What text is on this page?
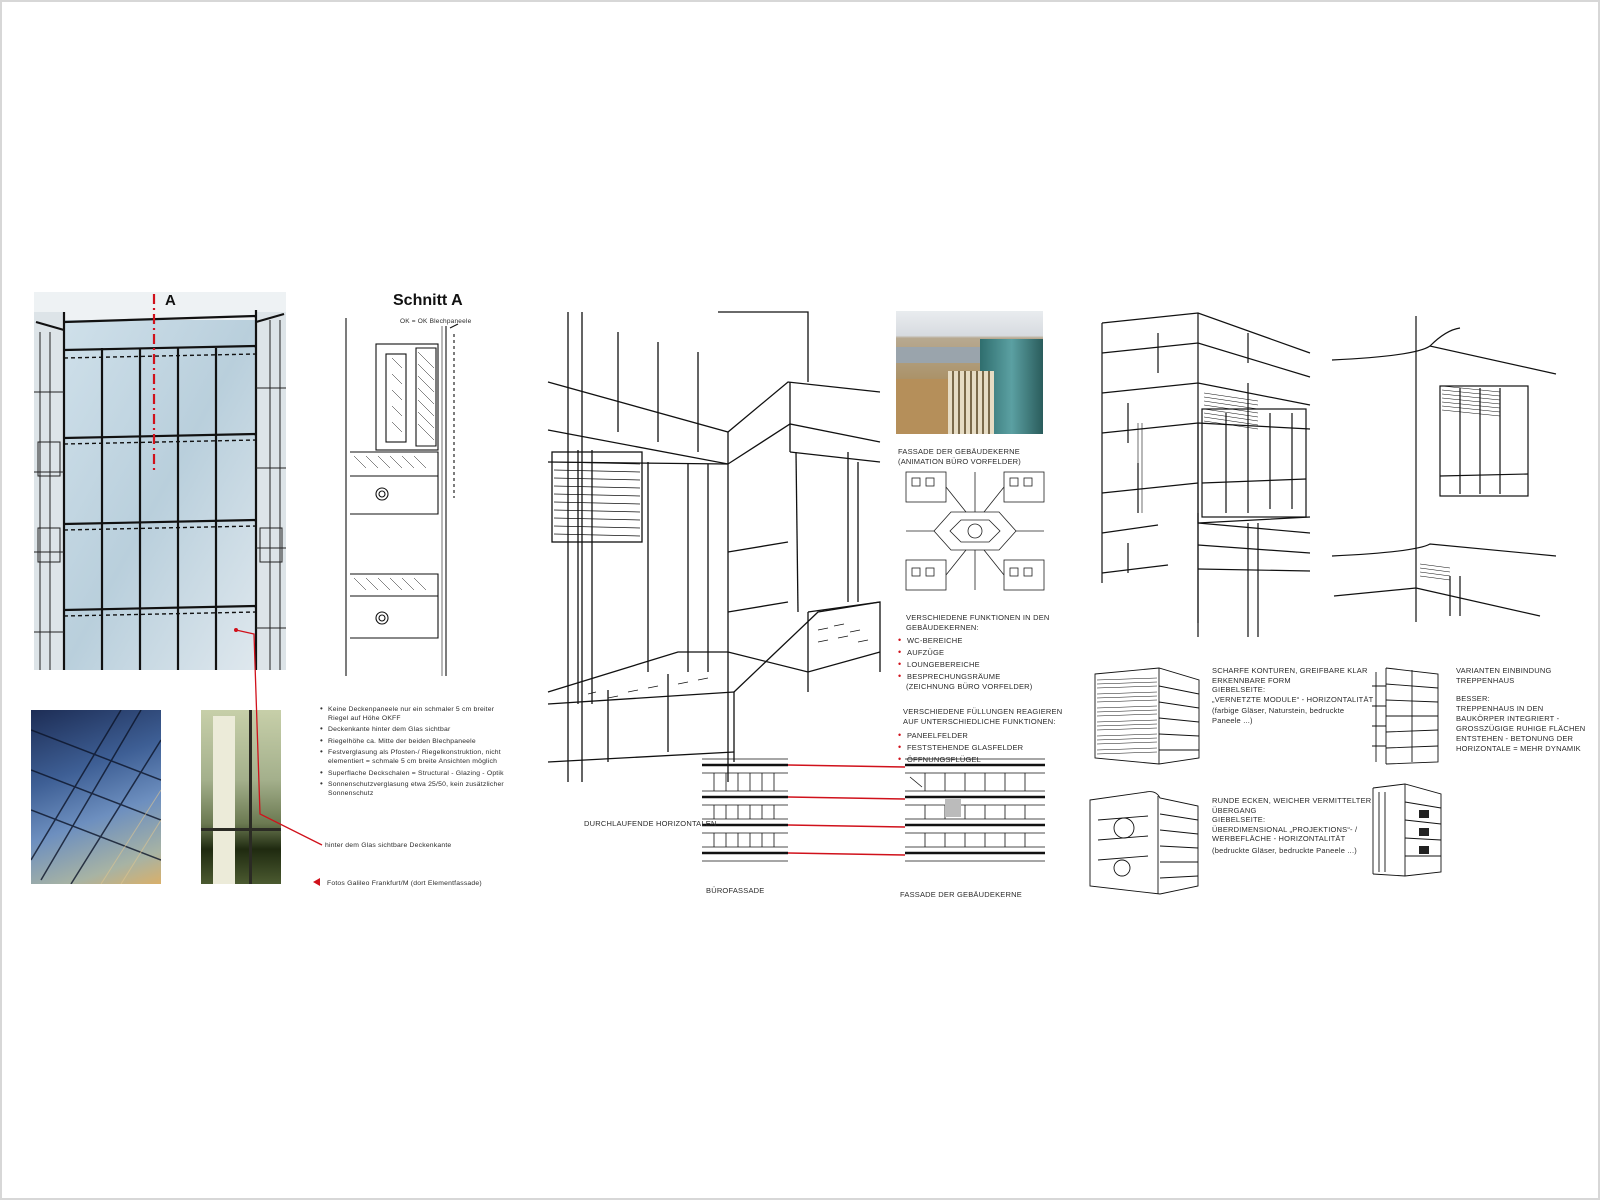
A	Schnitt A
OK = OK Blechpaneele
• Keine Deckenpaneele nur ein schmaler 5 cm breiter Riegel auf Höhe OKFF
• Deckenkante hinter dem Glas sichtbar
• Riegelhöhe ca. Mitte der beiden Blechpaneele
• Festverglasung als Pfosten-/ Riegelkonstruktion, nicht elementiert = schmale 5 cm breite Ansichten möglich
• Superflache Deckschalen = Structural - Glazing - Optik
• Sonnenschutzverglasung etwa 25/50, kein zusätzlicher Sonnenschutz
hinter dem Glas sichtbare Deckenkante
Fotos Galileo Frankfurt/M (dort Elementfassade)
FASSADE DER GEBÄUDEKERNE
(ANIMATION BÜRO VORFELDER)
VERSCHIEDENE FUNKTIONEN IN DEN
GEBÄUDEKERNEN:
• WC-BEREICHE
• AUFZÜGE
• LOUNGEBEREICHE
• BESPRECHUNGSRÄUME
(ZEICHNUNG BÜRO VORFELDER)
VERSCHIEDENE FÜLLUNGEN REAGIEREN
AUF UNTERSCHIEDLICHE FUNKTIONEN:
• PANEELFELDER
• FESTSTEHENDE GLASFELDER
• ÖFFNUNGSFLÜGEL
DURCHLAUFENDE HORIZONTALEN
BÜROFASSADE	FASSADE DER GEBÄUDEKERNE
SCHARFE KONTUREN, GREIFBARE KLAR
ERKENNBARE FORM
GIEBELSEITE:
„VERNETZTE MODULE“ - HORIZONTALITÄT
(farbige Gläser, Naturstein, bedruckte
Paneele ...)
VARIANTEN EINBINDUNG
TREPPENHAUS
BESSER:
TREPPENHAUS IN DEN
BAUKÖRPER INTEGRIERT -
GROSSZÜGIGE RUHIGE FLÄCHEN
ENTSTEHEN - BETONUNG DER
HORIZONTALE = MEHR DYNAMIK
RUNDE ECKEN, WEICHER VERMITTELTER
ÜBERGANG
GIEBELSEITE:
ÜBERDIMENSIONAL „PROJEKTIONS“- /
WERBEFLÄCHE - HORIZONTALITÄT
(bedruckte Gläser, bedruckte Paneele ...)
